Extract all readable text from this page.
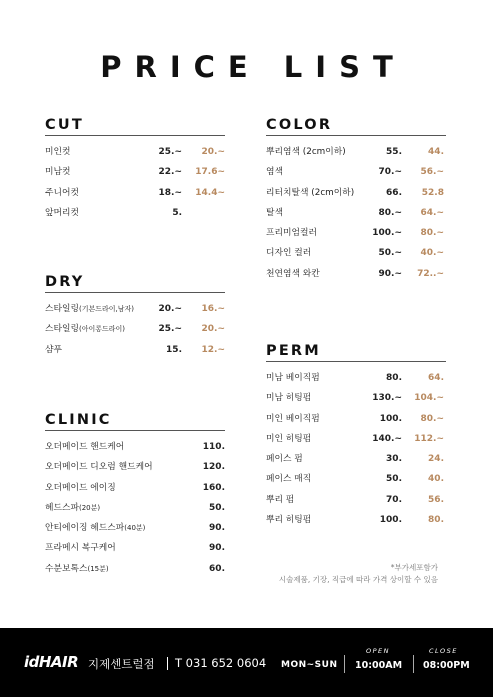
PRICE LIST
CUT
미인컷	25.~ 20.~
미남컷	22.~ 17.6~
주니어컷	18.~ 14.4~
앞머리컷	5.
DRY
스타일링(기본드라이,남자)	20.~ 16.~
스타일링(아이롱드라이)	25.~ 20.~
샴푸	15. 12.~
CLINIC
오더메이드 핸드케어	110.
오더메이드 디오럼 핸드케어	120.
오더메이드 에이징	160.
헤드스파(20분)	50.
안티에이징 헤드스파(40분)	90.
프라메시 복구케어	90.
수분보톡스(15분)	60.
COLOR
뿌리염색 (2cm이하)	55.	44.
염색	70.~ 56.~
리터치탈색 (2cm이하)	66. 52.8
탈색	80.~ 64.~
프리미엄컬러	100.~ 80.~
디자인 컬러	50.~ 40.~
천연염색 와칸	90.~ 72..~
PERM
미남 베이직펌	80.	64.
미남 히팅펌	130.~ 104.~
미인 베이직펌	100. 80.~
미인 히팅펌	140.~ 112.~
페이스 펌	30.	24.
페이스 매직	50.	40.
뿌리 펌	70.	56.
뿌리 히팅펌	100.	80.
*부가세포함가
시술제품, 기장, 직급에 따라 가격 상이할 수 있음
idHAIR 지제센트럴점 T 031 652 0604 MON~SUN
OPEN
10:00AM
CLOSE
08:00PM
